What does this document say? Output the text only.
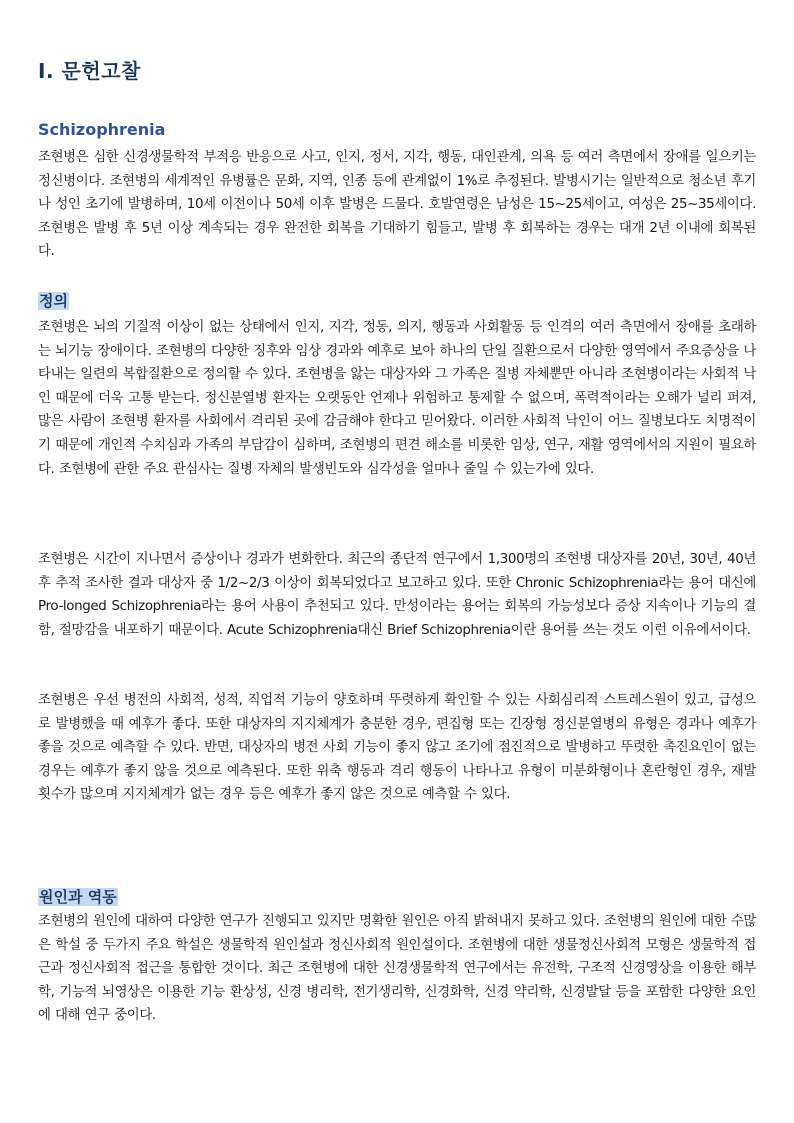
Ⅰ. 문헌고찰
Schizophrenia

조현병은 심한 신경생물학적 부적응 반응으로 사고, 인지, 정서, 지각, 행동, 대인관계, 의욕 등 여러 측면에서 장애를 일으키는 정신병이다. 조현병의 세계적인 유병률은 문화, 지역, 인종 등에 관계없이 1%로 추정된다. 발병시기는 일반적으로 청소년 후기나 성인 초기에 발병하며, 10세 이전이나 50세 이후 발병은 드물다. 호발연령은 남성은 15~25세이고, 여성은 25~35세이다. 조현병은 발병 후 5년 이상 계속되는 경우 완전한 회복을 기대하기 힘들고, 발병 후 회복하는 경우는 대개 2년 이내에 회복된다.

정의

조현병은 뇌의 기질적 이상이 없는 상태에서 인지, 지각, 정동, 의지, 행동과 사회활동 등 인격의 여러 측면에서 장애를 초래하는 뇌기능 장애이다. 조현병의 다양한 징후와 임상 경과와 예후로 보아 하나의 단일 질환으로서 다양한 영역에서 주요증상을 나타내는 일련의 복합질환으로 정의할 수 있다. 조현병을 앓는 대상자와 그 가족은 질병 자체뿐만 아니라 조현병이라는 사회적 낙인 때문에 더욱 고통 받는다. 정신분열병 환자는 오랫동안 언제나 위험하고 통제할 수 없으며, 폭력적이라는 오해가 널리 퍼져, 많은 사람이 조현병 환자를 사회에서 격리된 곳에 감금해야 한다고 믿어왔다. 이러한 사회적 낙인이 어느 질병보다도 치명적이기 때문에 개인적 수치심과 가족의 부담감이 심하며, 조현병의 편견 해소를 비롯한 임상, 연구, 재활 영역에서의 지원이 필요하다. 조현병에 관한 주요 관심사는 질병 자체의 발생빈도와 심각성을 얼마나 줄일 수 있는가에 있다.

조현병은 시간이 지나면서 증상이나 경과가 변화한다. 최근의 종단적 연구에서 1,300명의 조현병 대상자를 20년, 30년, 40년 후 추적 조사한 결과 대상자 중 1/2~2/3 이상이 회복되었다고 보고하고 있다. 또한 Chronic Schizophrenia라는 용어 대신에 Pro-longed Schizophrenia라는 용어 사용이 추천되고 있다. 만성이라는 용어는 회복의 가능성보다 증상 지속이나 기능의 결함, 절망감을 내포하기 때문이다. Acute Schizophrenia대신 Brief Schizophrenia이란 용어를 쓰는 것도 이런 이유에서이다.

조현병은 우선 병전의 사회적, 성적, 직업적 기능이 양호하며 뚜렷하게 확인할 수 있는 사회심리적 스트레스원이 있고, 급성으로 발병했을 때 예후가 좋다. 또한 대상자의 지지체계가 충분한 경우, 편집형 또는 긴장형 정신분열병의 유형은 경과나 예후가 좋을 것으로 예측할 수 있다. 반면, 대상자의 병전 사회 기능이 좋지 않고 조기에 점진적으로 발병하고 뚜렷한 촉진요인이 없는 경우는 예후가 좋지 않을 것으로 예측된다. 또한 위축 행동과 격리 행동이 나타나고 유형이 미분화형이나 혼란형인 경우, 재발횟수가 많으며 지지체계가 없는 경우 등은 예후가 좋지 않은 것으로 예측할 수 있다.

원인과 역동

조현병의 원인에 대하여 다양한 연구가 진행되고 있지만 명확한 원인은 아직 밝혀내지 못하고 있다. 조현병의 원인에 대한 수많은 학설 중 두가지 주요 학설은 생물학적 원인설과 정신사회적 원인설이다. 조현병에 대한 생물정신사회적 모형은 생물학적 접근과 정신사회적 접근을 통합한 것이다. 최근 조현병에 대한 신경생물학적 연구에서는 유전학, 구조적 신경영상을 이용한 해부학, 기능적 뇌영상은 이용한 기능 환상성, 신경 병리학, 전기생리학, 신경화학, 신경 약리학, 신경발달 등을 포함한 다양한 요인에 대해 연구 중이다.
